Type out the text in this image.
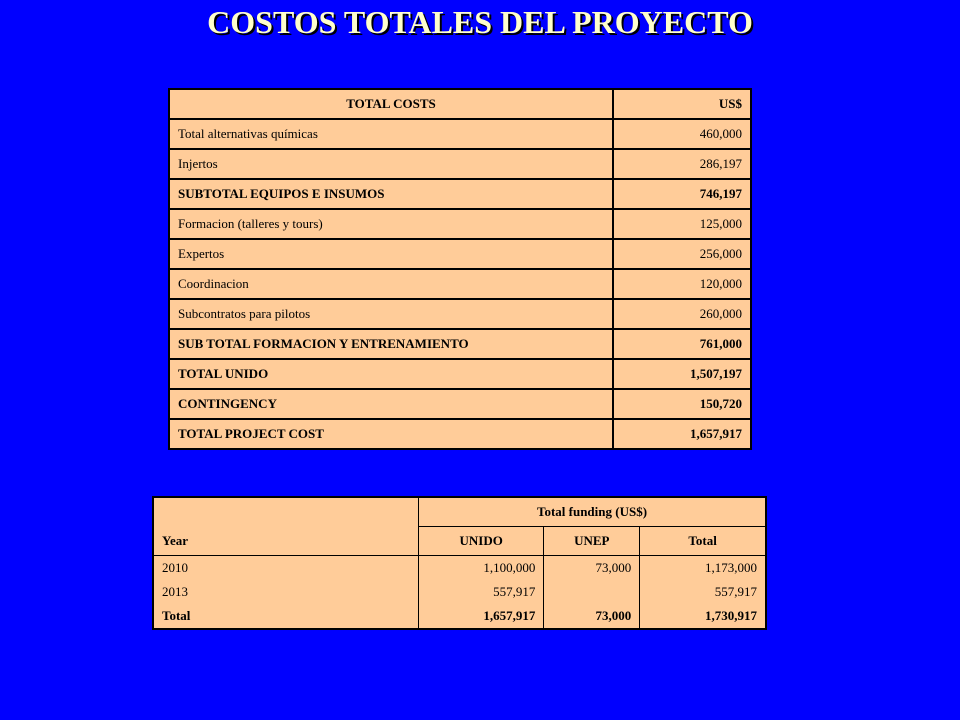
COSTOS TOTALES DEL PROYECTO
TOTAL COSTS	US$
Total alternativas químicas	460,000
Injertos	286,197
SUBTOTAL EQUIPOS E INSUMOS	746,197
Formacion (talleres y tours)	125,000
Expertos	256,000
Coordinacion	120,000
Subcontratos para pilotos	260,000
SUB TOTAL FORMACION Y ENTRENAMIENTO	761,000
TOTAL UNIDO	1,507,197
CONTINGENCY	150,720
TOTAL PROJECT COST	1,657,917
Year	Total funding (US$)		
	UNIDO	UNEP	Total
2010	1,100,000	73,000	1,173,000
2013	557,917		557,917
Total	1,657,917	73,000	1,730,917
